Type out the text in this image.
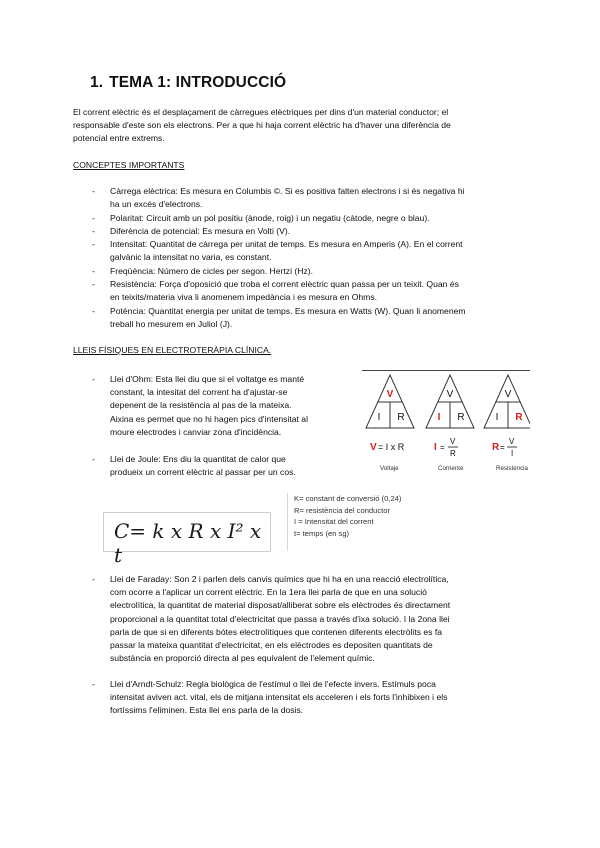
1. TEMA 1: INTRODUCCIÓ
El corrent elèctric és el desplaçament de càrregues elèctriques per dins d'un material conductor; el
responsable d'este son els electrons. Per a que hi haja corrent elèctric ha d'haver una diferència de
potencial entre extrems.
CONCEPTES IMPORTANTS
- Càrrega elèctrica: Es mesura en Columbis ©. Si es positiva falten electrons i si és negativa hi
ha un excés d'electrons.
- Polaritat: Circuit amb un pol positiu (ànode, roig) i un negatiu (càtode, negre o blau).
- Diferència de potencial: Es mesura en Volti (V).
- Intensitat: Quantitat de càrrega per unitat de temps. Es mesura en Amperis (A). En el corrent
galvànic la intensitat no varia, es constant.
- Freqüència: Número de cicles per segon. Hertzi (Hz).
- Resistència: Força d'oposició que troba el corrent elèctric quan passa per un teixit. Quan és
en teixits/materia viva li anomenem impedància i es mesura en Ohms.
- Potència: Quantitat energia per unitat de temps. Es mesura en Watts (W). Quan li anomenem
treball ho mesurem en Juliol (J).
LLEIS FÍSIQUES EN ELECTROTERÀPIA CLÍNICA.
- Llei d'Ohm: Esta llei diu que si el voltatge es manté
constant, la intesitat del corrent ha d'ajustar-se
depenent de la resistència al pas de la mateixa.
Aixina es permet que no hi hagen pics d'intensitat al
moure electrodes i canviar zona d'incidència.
- Llei de Joule: Ens diu la quantitat de calor que
produeix un corrent elèctric al passar per un cos.
V
I R
V
I R
V
I R
V = I x R	I =
V
R
R =
V
I
Voltaje	Corriente	Resistencia
C= k x R x I² x t
K= constant de conversió (0,24)
R= resistència del conductor
I = Intensitat del corrent
t= temps (en sg)
- Llei de Faraday: Son 2 i parlen dels canvis químics que hi ha en una reacció electrolítica,
com ocorre a l'aplicar un corrent elèctric. En la 1era llei parla de que en una solució
electrolítica, la quantitat de material disposat/alliberat sobre els elèctrodes és directament
proporcional a la quantitat total d'electricitat que passa a través d'ixa solució. I la 2ona llei
parla de que si en diferents bótes electrolítiques que contenen diferents electròlits es fa
passar la mateixa quantitat d'electricitat, en els elèctrodes es depositen quantitats de
substància en proporció directa al pes equivalent de l'element químic.
- Llei d'Arndt-Schulz: Regla biològica de l'estímul o llei de l'efecte invers. Estímuls poca
intensitat aviven act. vital, els de mitjana intensitat els acceleren i els forts l'inhibixen i els
fortíssims l'eliminen. Esta llei ens parla de la dosis.
